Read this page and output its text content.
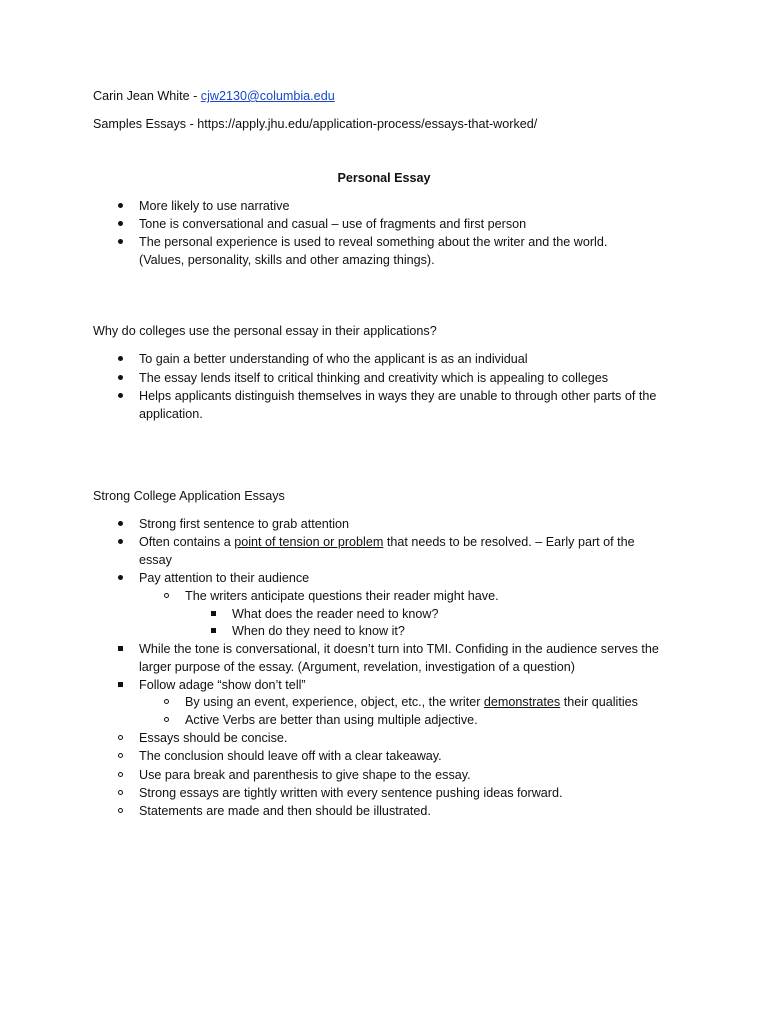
Carin Jean White - cjw2130@columbia.edu
Samples Essays - https://apply.jhu.edu/application-process/essays-that-worked/
Personal Essay
More likely to use narrative
Tone is conversational and casual – use of fragments and first person
The personal experience is used to reveal something about the writer and the world. (Values, personality, skills and other amazing things).
Why do colleges use the personal essay in their applications?
To gain a better understanding of who the applicant is as an individual
The essay lends itself to critical thinking and creativity which is appealing to colleges
Helps applicants distinguish themselves in ways they are unable to through other parts of the application.
Strong College Application Essays
Strong first sentence to grab attention
Often contains a point of tension or problem that needs to be resolved. – Early part of the essay
Pay attention to their audience
The writers anticipate questions their reader might have.
What does the reader need to know?
When do they need to know it?
While the tone is conversational, it doesn’t turn into TMI. Confiding in the audience serves the larger purpose of the essay. (Argument, revelation, investigation of a question)
Follow adage “show don’t tell”
By using an event, experience, object, etc., the writer demonstrates their qualities
Active Verbs are better than using multiple adjective.
Essays should be concise.
The conclusion should leave off with a clear takeaway.
Use para break and parenthesis to give shape to the essay.
Strong essays are tightly written with every sentence pushing ideas forward.
Statements are made and then should be illustrated.
